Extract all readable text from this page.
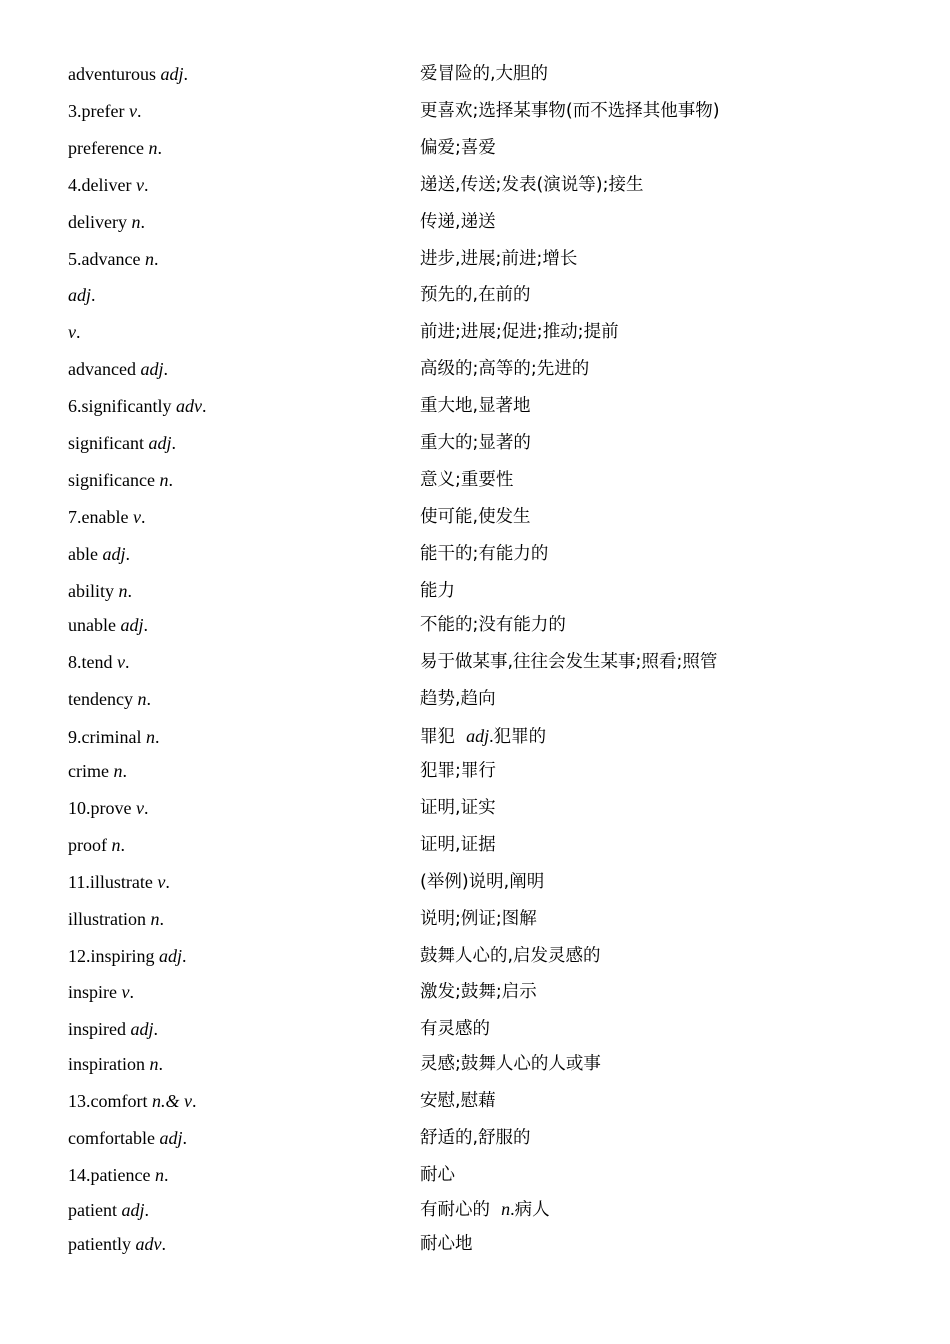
adventurous adj.	爱冒险的,大胆的
3.prefer v.	更喜欢;选择某事物(而不选择其他事物)
preference n.	偏爱;喜爱
4.deliver v.	递送,传送;发表(演说等);接生
delivery n.	传递,递送
5.advance n.	进步,进展;前进;增长
adj.	预先的,在前的
v.	前进;进展;促进;推动;提前
advanced adj.	高级的;高等的;先进的
6.significantly adv.	重大地,显著地
significant adj.	重大的;显著的
significance n.	意义;重要性
7.enable v.	使可能,使发生
able adj.	能干的;有能力的
ability n.	能力
unable adj.	不能的;没有能力的
8.tend v.	易于做某事,往往会发生某事;照看;照管
tendency n.	趋势,趋向
9.criminal n.	罪犯  adj.犯罪的
crime n.	犯罪;罪行
10.prove v.	证明,证实
proof n.	证明,证据
11.illustrate v.	(举例)说明,阐明
illustration n.	说明;例证;图解
12.inspiring adj.	鼓舞人心的,启发灵感的
inspire v.	激发;鼓舞;启示
inspired adj.	有灵感的
inspiration n.	灵感;鼓舞人心的人或事
13.comfort n.& v.	安慰,慰藉
comfortable adj.	舒适的,舒服的
14.patience n.	耐心
patient adj.	有耐心的  n.病人
patiently adv.	耐心地
